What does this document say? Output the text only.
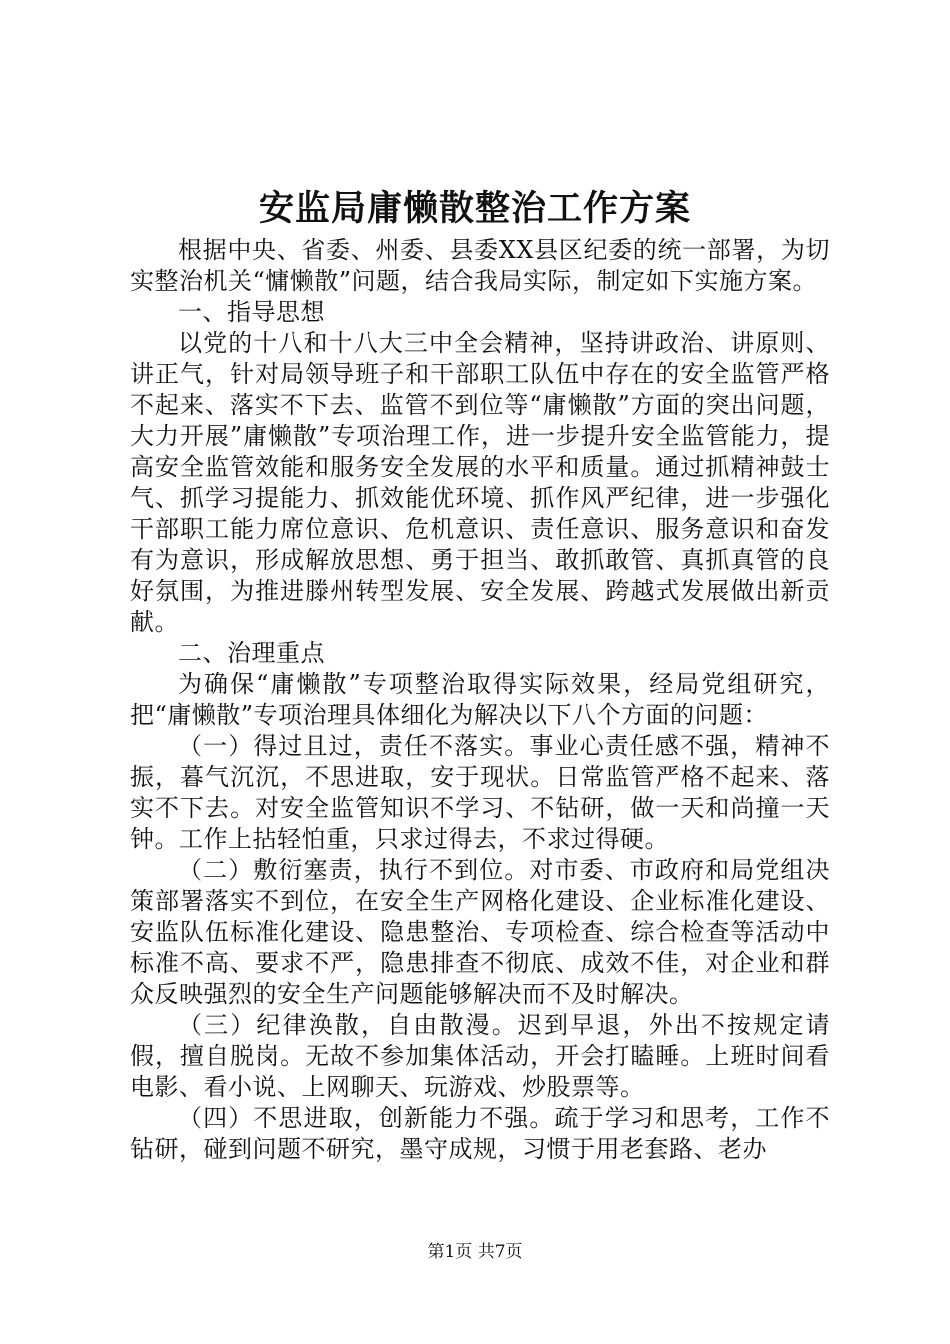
安监局庸懒散整治工作方案

根据中央、省委、州委、县委XX县区纪委的统一部署，为切实整治机关“慵懒散”问题，结合我局实际，制定如下实施方案。

一、指导思想

以党的十八和十八大三中全会精神，坚持讲政治、讲原则、讲正气，针对局领导班子和干部职工队伍中存在的安全监管严格不起来、落实不下去、监管不到位等“庸懒散”方面的突出问题，大力开展”庸懒散”专项治理工作，进一步提升安全监管能力，提高安全监管效能和服务安全发展的水平和质量。通过抓精神鼓士气、抓学习提能力、抓效能优环境、抓作风严纪律，进一步强化干部职工能力席位意识、危机意识、责任意识、服务意识和奋发有为意识，形成解放思想、勇于担当、敢抓敢管、真抓真管的良好氛围，为推进滕州转型发展、安全发展、跨越式发展做出新贡献。

二、治理重点

为确保“庸懒散”专项整治取得实际效果，经局党组研究，把“庸懒散”专项治理具体细化为解决以下八个方面的问题：

（一）得过且过，责任不落实。事业心责任感不强，精神不振，暮气沉沉，不思进取，安于现状。日常监管严格不起来、落实不下去。对安全监管知识不学习、不钻研，做一天和尚撞一天钟。工作上拈轻怕重，只求过得去，不求过得硬。

（二）敷衍塞责，执行不到位。对市委、市政府和局党组决策部署落实不到位，在安全生产网格化建设、企业标准化建设、安监队伍标准化建设、隐患整治、专项检查、综合检查等活动中标准不高、要求不严，隐患排查不彻底、成效不佳，对企业和群众反映强烈的安全生产问题能够解决而不及时解决。

（三）纪律涣散，自由散漫。迟到早退，外出不按规定请假，擅自脱岗。无故不参加集体活动，开会打瞌睡。上班时间看电影、看小说、上网聊天、玩游戏、炒股票等。

（四）不思进取，创新能力不强。疏于学习和思考，工作不钻研，碰到问题不研究，墨守成规，习惯于用老套路、老办

第1页 共7页
